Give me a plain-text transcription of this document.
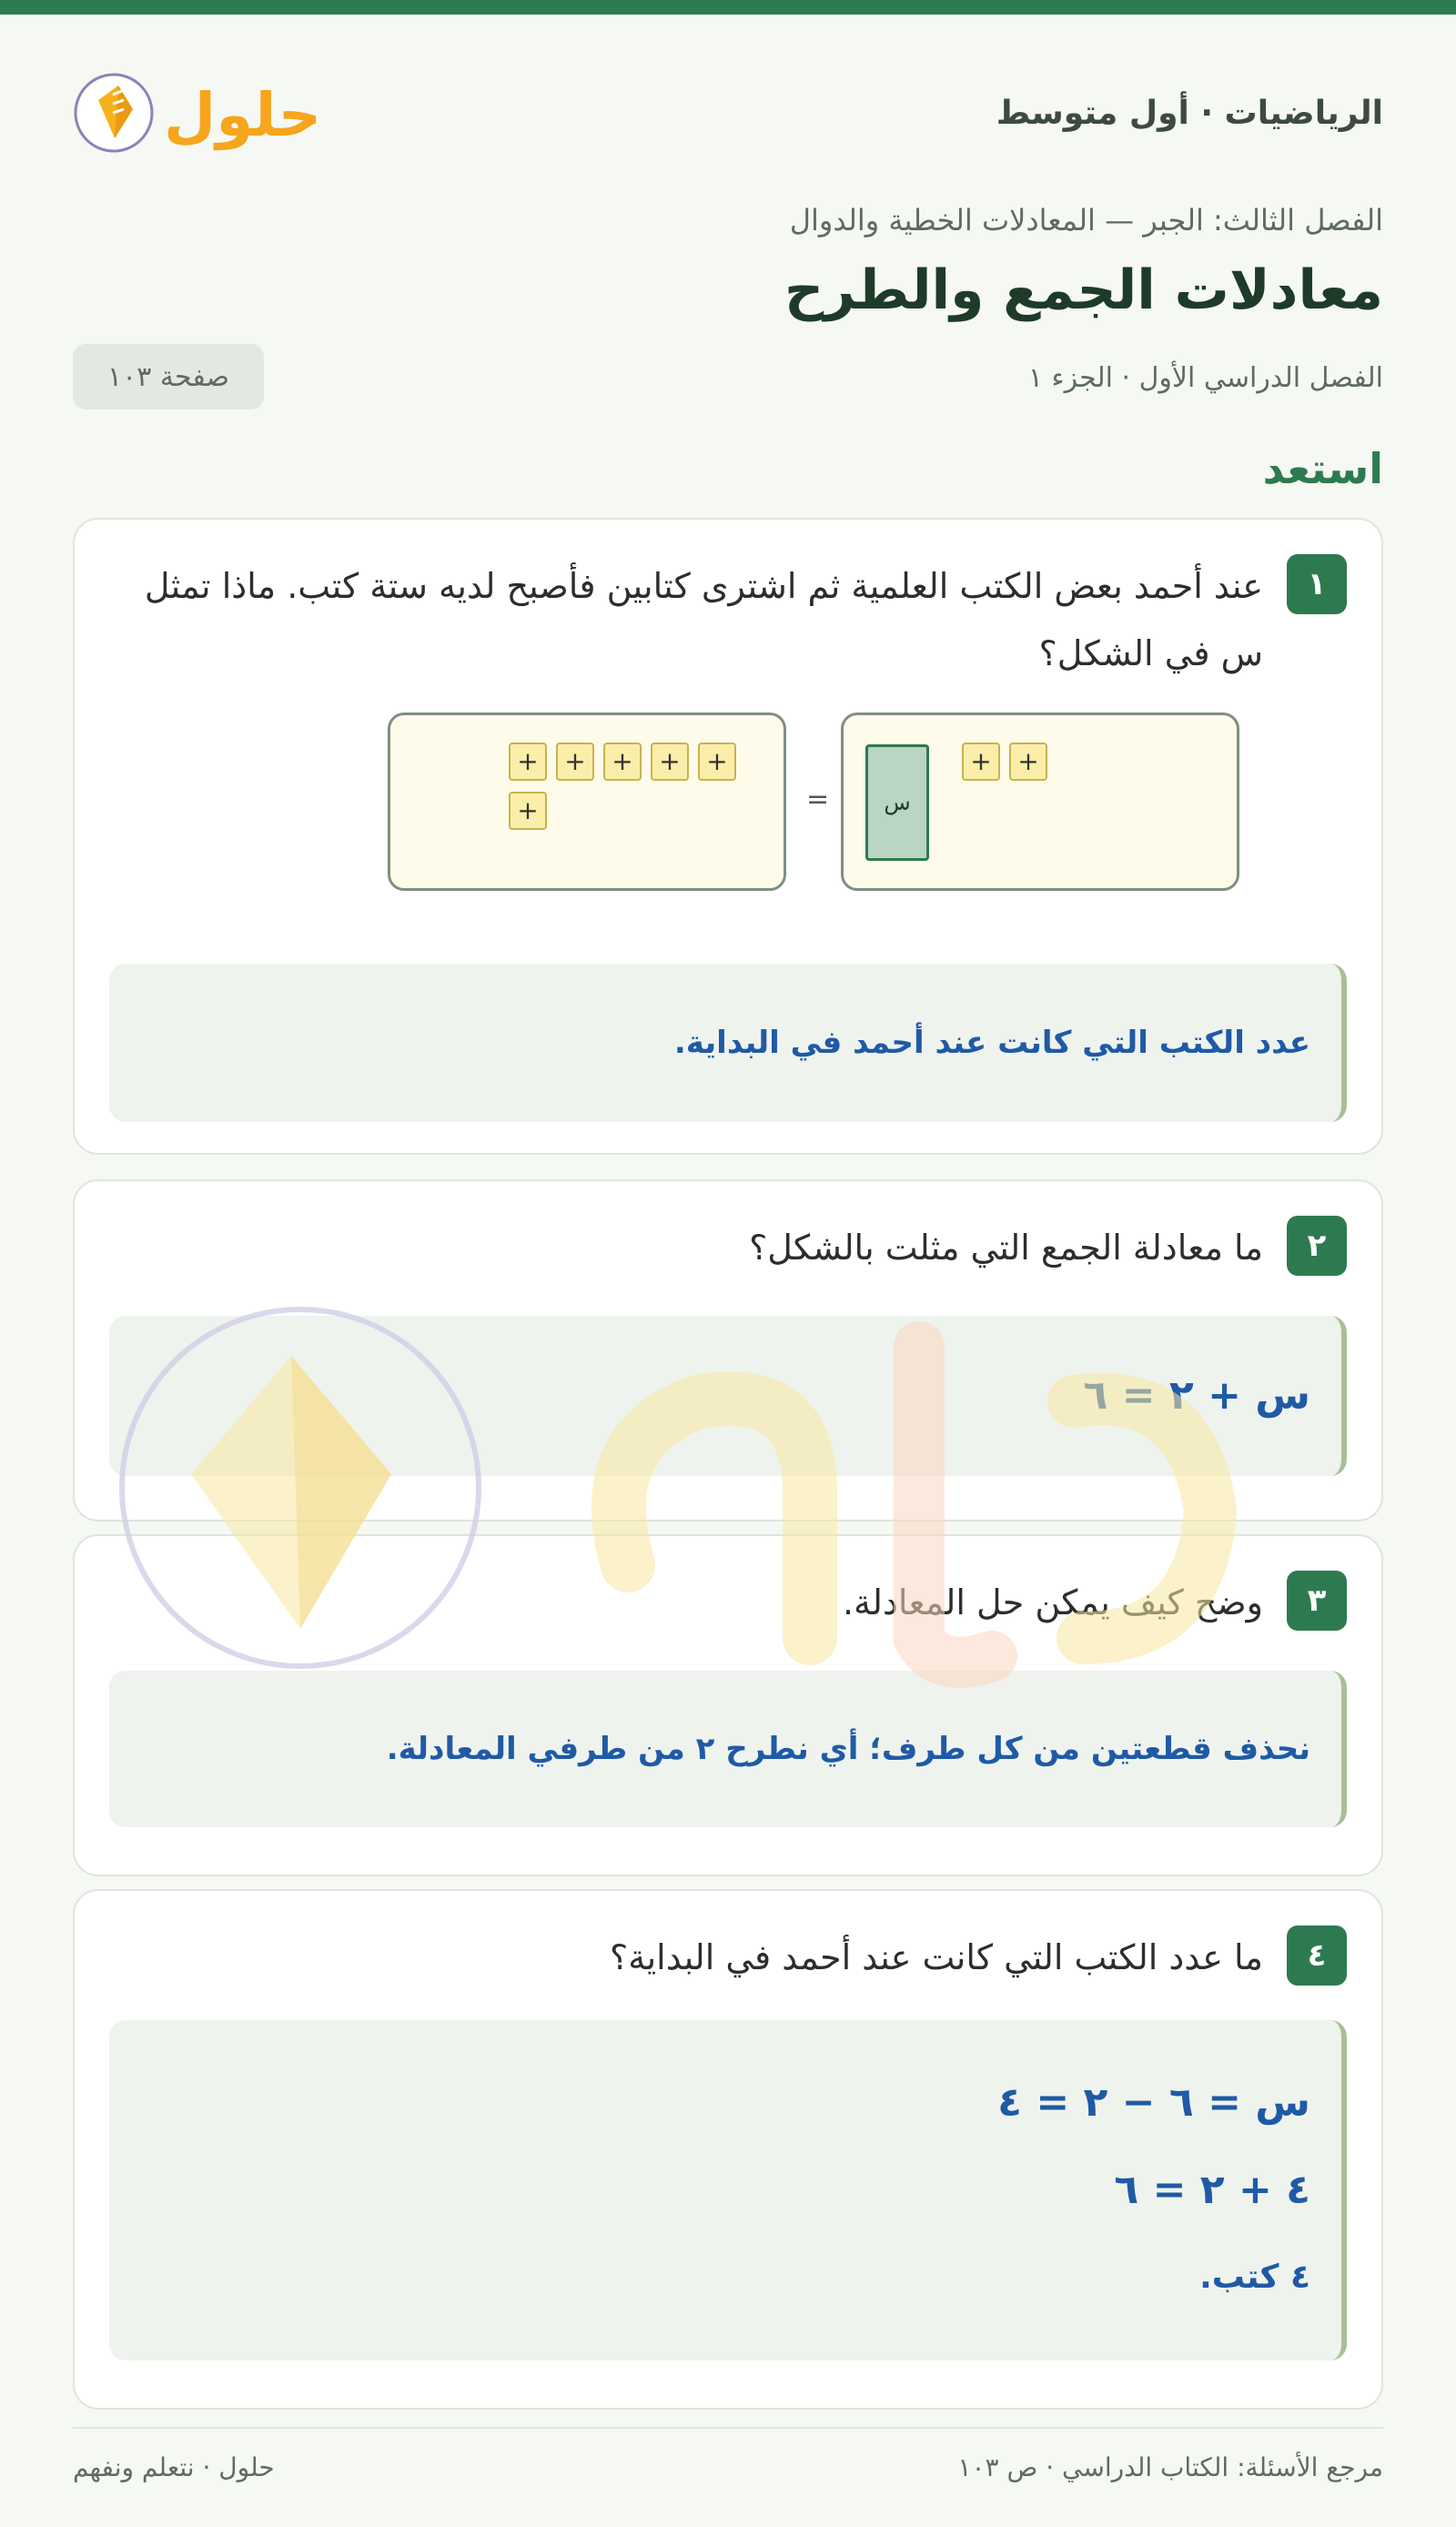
الرياضيات · أول متوسط
حلول
الفصل الثالث: الجبر — المعادلات الخطية والدوال
معادلات الجمع والطرح
الفصل الدراسي الأول · الجزء ١
صفحة ١٠٣
استعد
١
عند أحمد بعض الكتب العلمية ثم اشترى كتابين فأصبح لديه ستة كتب. ماذا تمثل س في الشكل؟
س
+	+
=
+	+	+	+	+
+
عدد الكتب التي كانت عند أحمد في البداية.
٢
ما معادلة الجمع التي مثلت بالشكل؟
س + ٢ = ٦
٣
وضح كيف يمكن حل المعادلة.
نحذف قطعتين من كل طرف؛ أي نطرح ٢ من طرفي المعادلة.
٤
ما عدد الكتب التي كانت عند أحمد في البداية؟
س = ٦ − ٢ = ٤
٤ + ٢ = ٦
٤ كتب.
مرجع الأسئلة: الكتاب الدراسي · ص ١٠٣
حلول · نتعلم ونفهم
